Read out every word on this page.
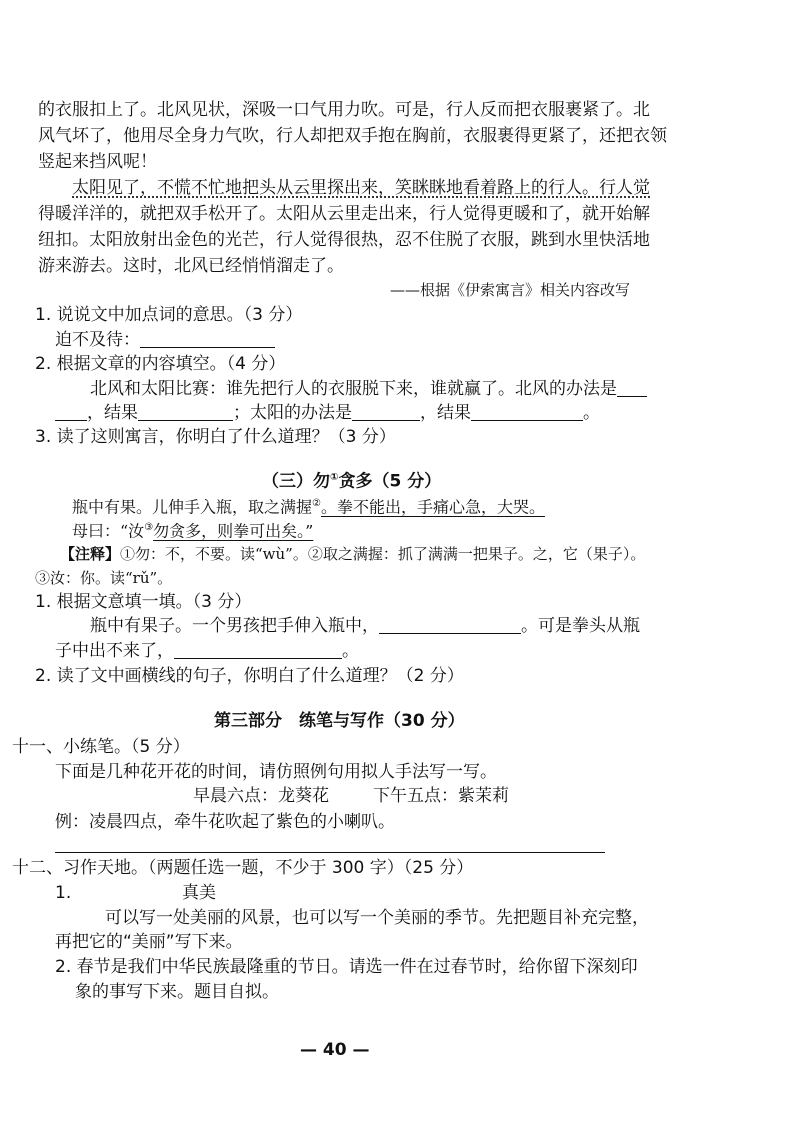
的衣服扣上了。北风见状，深吸一口气用力吹。可是，行人反而把衣服裹紧了。北
风气坏了，他用尽全身力气吹，行人却把双手抱在胸前，衣服裹得更紧了，还把衣领
竖起来挡风呢！
太阳见了，不慌不忙地把头从云里探出来，笑眯眯地看着路上的行人。行人觉
得暖洋洋的，就把双手松开了。太阳从云里走出来，行人觉得更暖和了，就开始解
纽扣。太阳放射出金色的光芒，行人觉得很热，忍不住脱了衣服，跳到水里快活地
游来游去。这时，北风已经悄悄溜走了。
——根据《伊索寓言》相关内容改写
1. 说说文中加点词的意思。（3 分）
迫不及待：
2. 根据文章的内容填空。（4 分）
北风和太阳比赛：谁先把行人的衣服脱下来，谁就赢了。北风的办法是
，结果	；太阳的办法是	，结果	。
3. 读了这则寓言，你明白了什么道理？（3 分）
（三）勿①贪多（5 分）
瓶中有果。儿伸手入瓶，取之满握②。拳不能出，手痛心急，大哭。
母曰：“汝③勿贪多，则拳可出矣。”
【注释】①勿：不，不要。读“wù”。②取之满握：抓了满满一把果子。之，它（果子）。
③汝：你。读“rǔ”。
1. 根据文意填一填。（3 分）
瓶中有果子。一个男孩把手伸入瓶中，	。可是拳头从瓶
子中出不来了，	。
2. 读了文中画横线的句子，你明白了什么道理？（2 分）
第三部分　练笔与写作（30 分）
十一、小练笔。（5 分）
下面是几种花开花的时间，请仿照例句用拟人手法写一写。
早晨六点：龙葵花	下午五点：紫茉莉
例：凌晨四点，牵牛花吹起了紫色的小喇叭。
十二、习作天地。（两题任选一题，不少于 300 字）（25 分）
1.	真美
可以写一处美丽的风景，也可以写一个美丽的季节。先把题目补充完整，
再把它的“美丽”写下来。
2. 春节是我们中华民族最隆重的节日。请选一件在过春节时，给你留下深刻印
象的事写下来。题目自拟。
— 40 —
